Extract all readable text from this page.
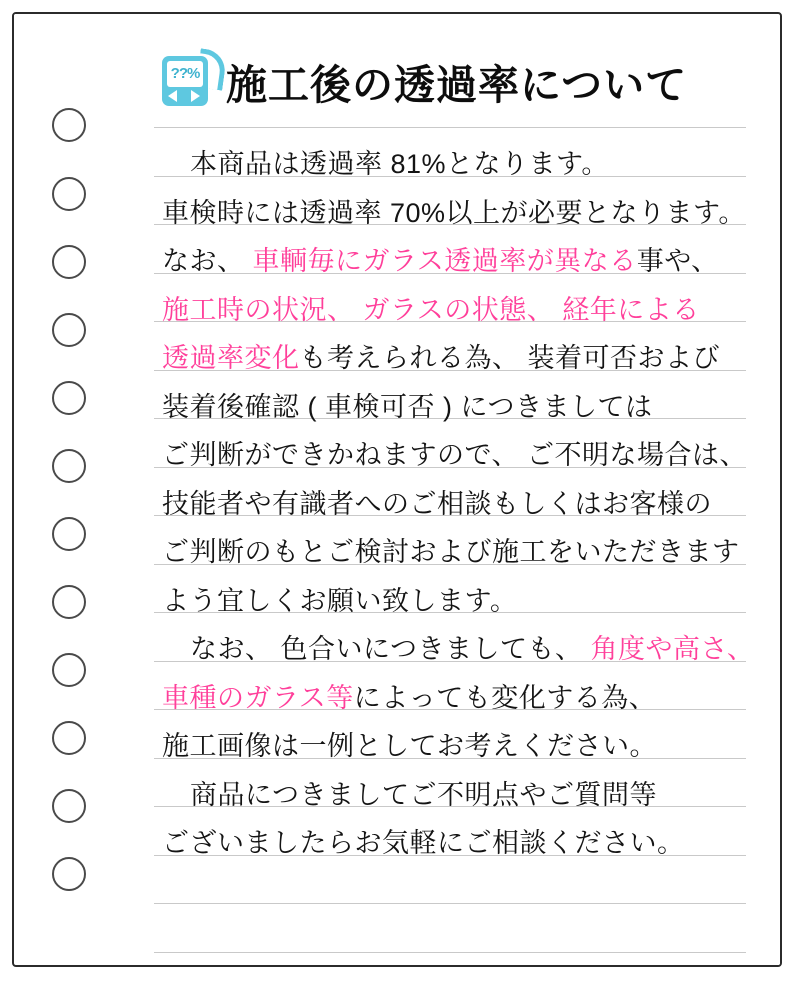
??% 施工後の透過率について
本商品は透過率 81%となります。
車検時には透過率 70%以上が必要となります。
なお、 車輌毎にガラス透過率が異なる事や、
施工時の状況、 ガラスの状態、 経年による
透過率変化も考えられる為、 装着可否および
装着後確認 ( 車検可否 ) につきましては
ご判断ができかねますので、 ご不明な場合は、
技能者や有識者へのご相談もしくはお客様の
ご判断のもとご検討および施工をいただきます
よう宜しくお願い致します。
なお、 色合いにつきましても、 角度や高さ、
車種のガラス等によっても変化する為、
施工画像は一例としてお考えください。
商品につきましてご不明点やご質問等
ございましたらお気軽にご相談ください。
